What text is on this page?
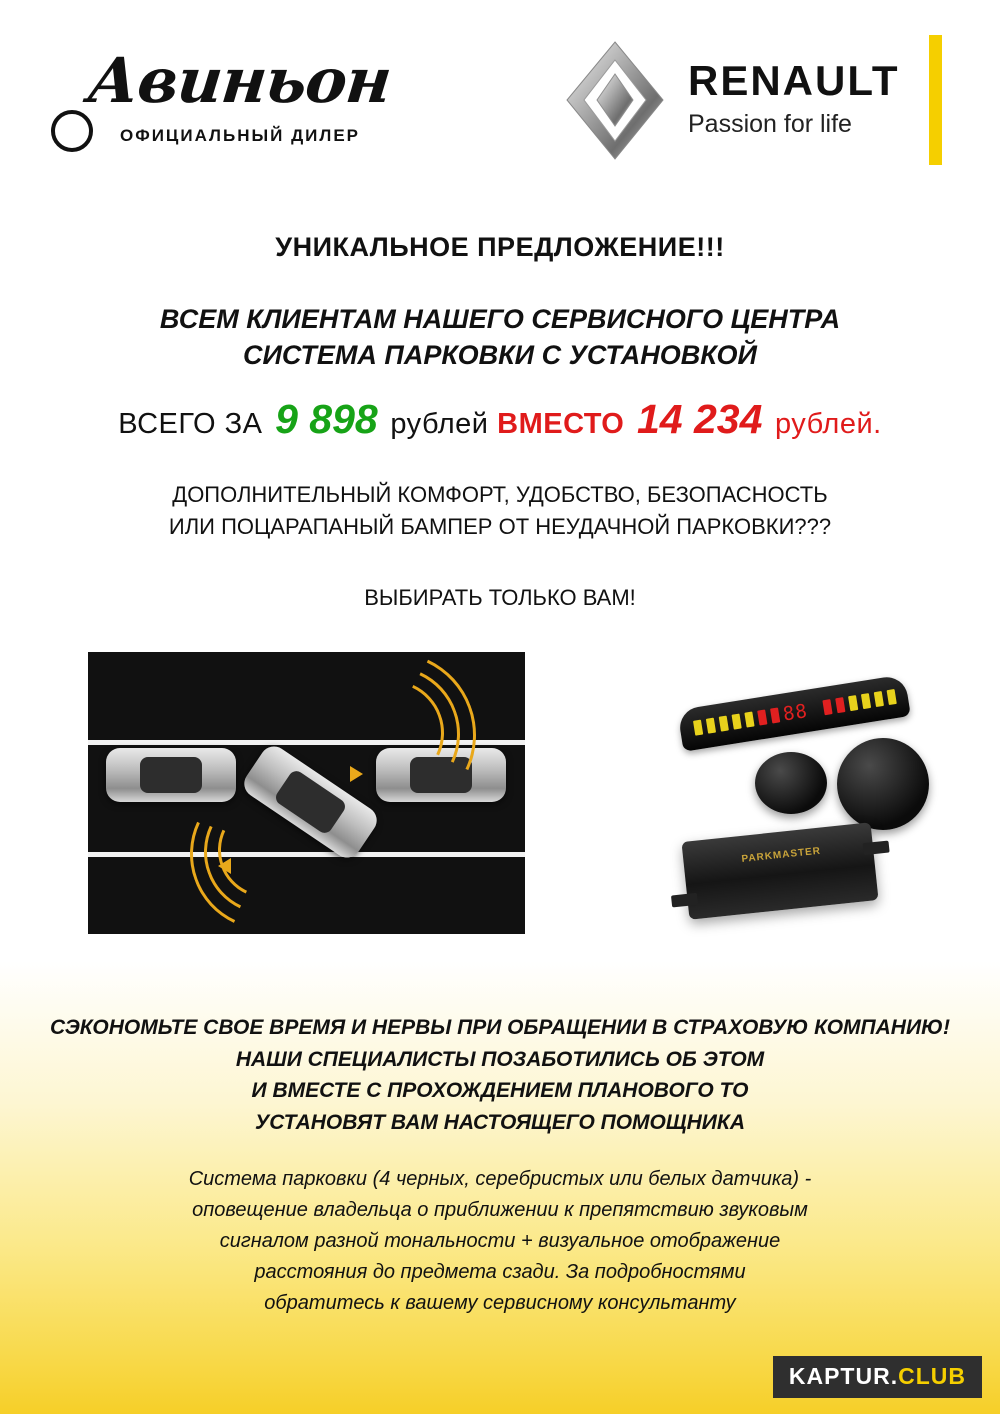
Авиньон
ОФИЦИАЛЬНЫЙ ДИЛЕР
RENAULT
Passion for life
УНИКАЛЬНОЕ ПРЕДЛОЖЕНИЕ!!!
ВСЕМ КЛИЕНТАМ НАШЕГО СЕРВИСНОГО ЦЕНТРА
СИСТЕМА ПАРКОВКИ С УСТАНОВКОЙ
ВСЕГО ЗА 9 898 рублей ВМЕСТО 14 234 рублей.
ДОПОЛНИТЕЛЬНЫЙ КОМФОРТ, УДОБСТВО, БЕЗОПАСНОСТЬ
ИЛИ ПОЦАРАПАНЫЙ БАМПЕР ОТ НЕУДАЧНОЙ ПАРКОВКИ???
ВЫБИРАТЬ ТОЛЬКО ВАМ!
88
PARKMASTER
СЭКОНОМЬТЕ СВОЕ ВРЕМЯ И НЕРВЫ ПРИ ОБРАЩЕНИИ В СТРАХОВУЮ КОМПАНИЮ!
НАШИ СПЕЦИАЛИСТЫ ПОЗАБОТИЛИСЬ ОБ ЭТОМ
И ВМЕСТЕ С ПРОХОЖДЕНИЕМ ПЛАНОВОГО ТО
УСТАНОВЯТ ВАМ НАСТОЯЩЕГО ПОМОЩНИКА
Система парковки (4 черных, серебристых или белых датчика) -
оповещение владельца о приближении к препятствию звуковым
сигналом разной тональности + визуальное отображение
расстояния до предмета сзади. За подробностями
обратитесь к вашему сервисному консультанту
KAPTUR.CLUB
